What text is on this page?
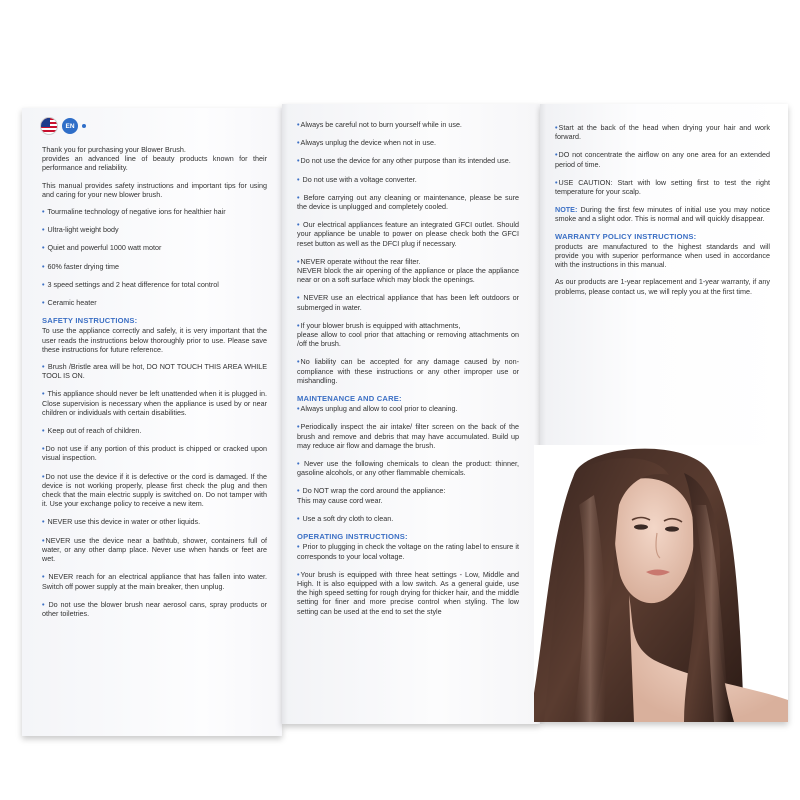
EN
Thank you for purchasing your Blower Brush.
provides an advanced line of beauty products known for their performance and reliability.
This manual provides safety instructions and important tips for using and caring for your new blower brush.
• Tourmaline technology of negative ions for healthier hair
• Ultra-light weight body
• Quiet and powerful 1000 watt motor
• 60% faster drying time
• 3 speed settings and 2 heat difference for total control
• Ceramic heater
SAFETY INSTRUCTIONS:
To use the appliance correctly and safely, it is very important that the user reads the instructions below thoroughly prior to use. Please save these instructions for future reference.
• Brush /Bristle area will be hot, DO NOT TOUCH THIS AREA WHILE TOOL IS ON.
• This appliance should never be left unattended when it is plugged in. Close supervision is necessary when the appliance is used by or near children or individuals with certain disabilities.
• Keep out of reach of children.
•Do not use if any portion of this product is chipped or cracked upon visual inspection.
•Do not use the device if it is defective or the cord is damaged. If the device is not working properly, please first check the plug and then check that the main electric supply is switched on. Do not tamper with it. Use your exchange policy to receive a new item.
• NEVER use this device in water or other liquids.
•NEVER use the device near a bathtub, shower, containers full of water, or any other damp place. Never use when hands or feet are wet.
• NEVER reach for an electrical appliance that has fallen into water. Switch off power supply at the main breaker, then unplug.
• Do not use the blower brush near aerosol cans, spray products or other toiletries.
•Always be careful not to burn yourself while in use.
•Always unplug the device when not in use.
•Do not use the device for any other purpose than its intended use.
• Do not use with a voltage converter.
• Before carrying out any cleaning or maintenance, please be sure the device is unplugged and completely cooled.
• Our electrical appliances feature an integrated GFCI outlet. Should your appliance be unable to power on please check both the GFCI reset button as well as the DFCI plug if necessary.
•NEVER operate without the rear filter.
NEVER block the air opening of the appliance or place the appliance near or on a soft surface which may block the openings.
• NEVER use an electrical appliance that has been left outdoors or submerged in water.
•If your blower brush is equipped with attachments,
please allow to cool prior that attaching or removing attachments on /off the brush.
•No liability can be accepted for any damage caused by non-compliance with these instructions or any other improper use or mishandling.
MAINTENANCE AND CARE:
•Always unplug and allow to cool prior to cleaning.
•Periodically inspect the air intake/ filter screen on the back of the brush and remove and debris that may have accumulated. Build up may reduce air flow and damage the brush.
• Never use the following chemicals to clean the product: thinner, gasoline alcohols, or any other flammable chemicals.
• Do NOT wrap the cord around the appliance:
This may cause cord wear.
• Use a soft dry cloth to clean.
OPERATING INSTRUCTIONS:
• Prior to plugging in check the voltage on the rating label to ensure it corresponds to your local voltage.
•Your brush is equipped with three heat settings - Low, Middle and High. It is also equipped with a low switch. As a general guide, use the high speed setting for rough drying for thicker hair, and the middle setting for finer and more precise control when styling. The low setting can be used at the end to set the style
•Start at the back of the head when drying your hair and work forward.
•DO not concentrate the airflow on any one area for an extended period of time.
•USE CAUTION: Start with low setting first to test the right temperature for your scalp.
NOTE: During the first few minutes of initial use you may notice smoke and a slight odor. This is normal and will quickly disappear.
WARRANTY POLICY INSTRUCTIONS:
products are manufactured to the highest standards and will provide you with superior performance when used in accordance with the instructions in this manual.
As our products are 1-year replacement and 1-year warranty, if any problems, please contact us, we will reply you at the first time.
